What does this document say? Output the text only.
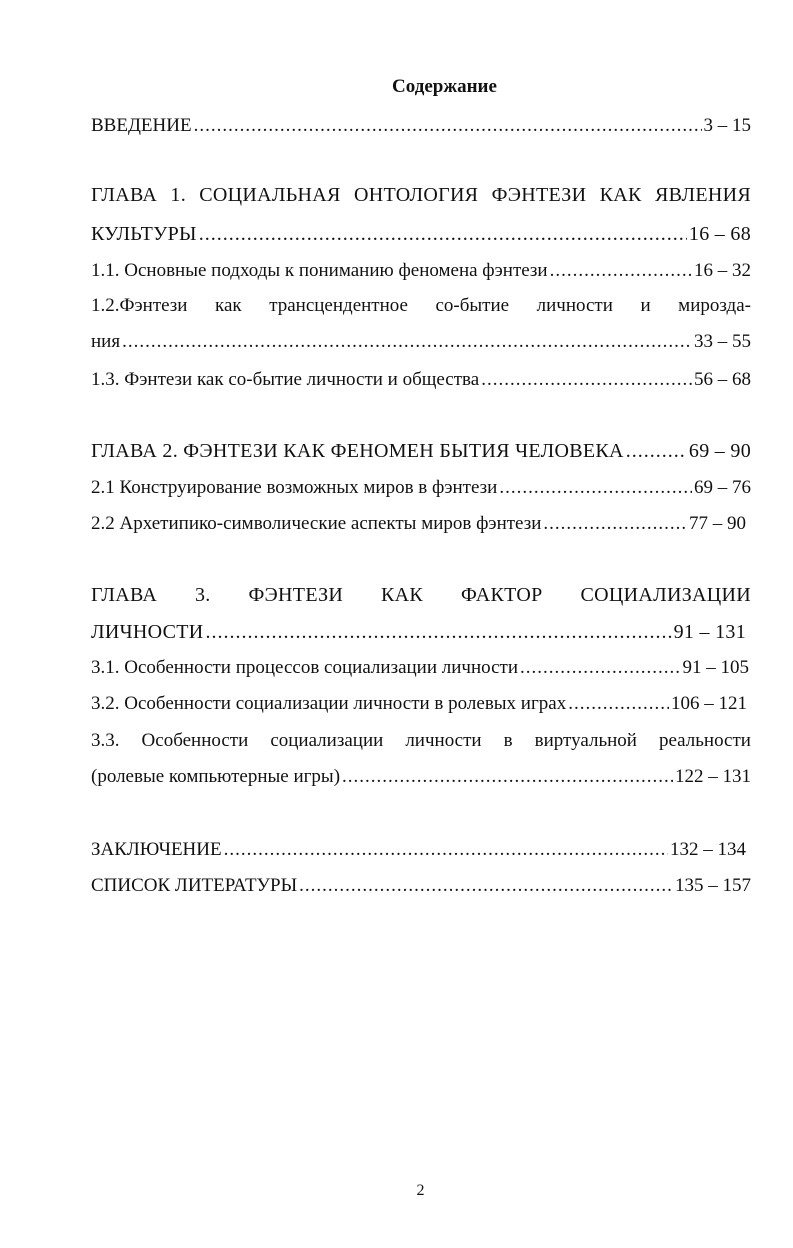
Содержание
ВВЕДЕНИЕ .....	3 – 15
ГЛАВА 1. СОЦИАЛЬНАЯ ОНТОЛОГИЯ ФЭНТЕЗИ КАК ЯВЛЕНИЯ
КУЛЬТУРЫ .....	16 – 68
1.1. Основные подходы к пониманию феномена фэнтези .....	16 – 32
1.2.Фэнтези как трансцендентное со-бытие личности и мирозда-
ния .....	33 – 55
1.3. Фэнтези как со-бытие личности и общества .....	56 – 68
ГЛАВА 2. ФЭНТЕЗИ КАК ФЕНОМЕН БЫТИЯ ЧЕЛОВЕКА .....	69 – 90
2.1 Конструирование возможных миров в фэнтези .....	69 – 76
2.2 Архетипико-символические аспекты миров фэнтези .....	77 – 90
ГЛАВА 3. ФЭНТЕЗИ КАК ФАКТОР СОЦИАЛИЗАЦИИ
ЛИЧНОСТИ .....	91 – 131
3.1. Особенности процессов социализации личности .....	91 – 105
3.2. Особенности социализации личности в ролевых играх .....	106 – 121
3.3. Особенности социализации личности в виртуальной реальности
(ролевые компьютерные игры) .....	122 – 131
ЗАКЛЮЧЕНИЕ .....	132 – 134
СПИСОК ЛИТЕРАТУРЫ .....	135 – 157
2
